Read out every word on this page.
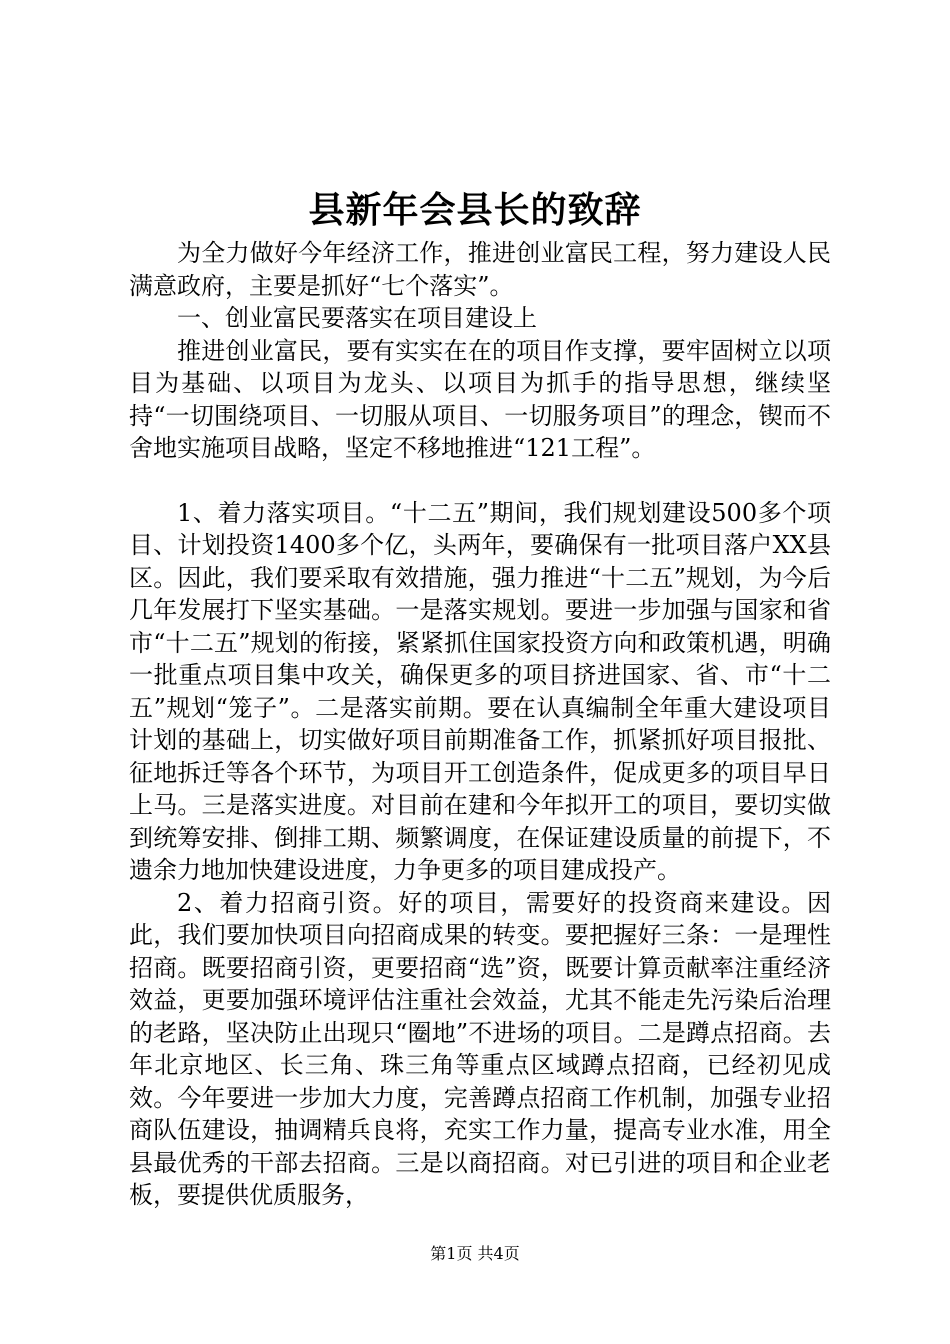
县新年会县长的致辞

为全力做好今年经济工作，推进创业富民工程，努力建设人民满意政府，主要是抓好“七个落实”。

一、创业富民要落实在项目建设上

推进创业富民，要有实实在在的项目作支撑，要牢固树立以项目为基础、以项目为龙头、以项目为抓手的指导思想，继续坚持“一切围绕项目、一切服从项目、一切服务项目”的理念，锲而不舍地实施项目战略，坚定不移地推进“121工程”。

1、着力落实项目。“十二五”期间，我们规划建设500多个项目、计划投资1400多个亿，头两年，要确保有一批项目落户XX县区。因此，我们要采取有效措施，强力推进“十二五”规划，为今后几年发展打下坚实基础。一是落实规划。要进一步加强与国家和省市“十二五”规划的衔接，紧紧抓住国家投资方向和政策机遇，明确一批重点项目集中攻关，确保更多的项目挤进国家、省、市“十二五”规划“笼子”。二是落实前期。要在认真编制全年重大建设项目计划的基础上，切实做好项目前期准备工作，抓紧抓好项目报批、征地拆迁等各个环节，为项目开工创造条件，促成更多的项目早日上马。三是落实进度。对目前在建和今年拟开工的项目，要切实做到统筹安排、倒排工期、频繁调度，在保证建设质量的前提下，不遗余力地加快建设进度，力争更多的项目建成投产。

2、着力招商引资。好的项目，需要好的投资商来建设。因此，我们要加快项目向招商成果的转变。要把握好三条：一是理性招商。既要招商引资，更要招商“选”资，既要计算贡献率注重经济效益，更要加强环境评估注重社会效益，尤其不能走先污染后治理的老路，坚决防止出现只“圈地”不进场的项目。二是蹲点招商。去年北京地区、长三角、珠三角等重点区域蹲点招商，已经初见成效。今年要进一步加大力度，完善蹲点招商工作机制，加强专业招商队伍建设，抽调精兵良将，充实工作力量，提高专业水准，用全县最优秀的干部去招商。三是以商招商。对已引进的项目和企业老板，要提供优质服务，

第1页 共4页
